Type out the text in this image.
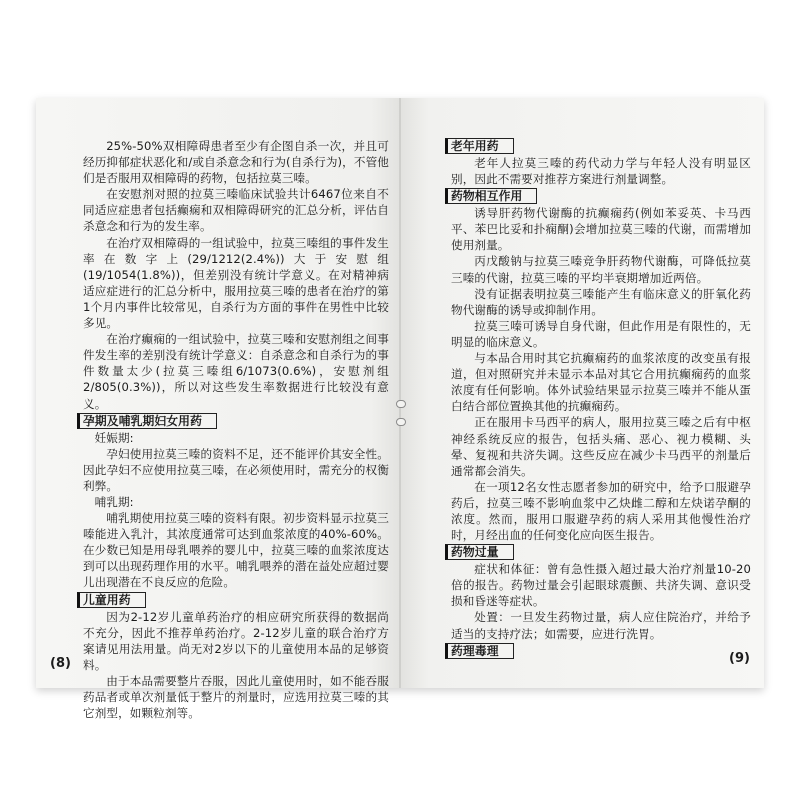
25%-50%双相障碍患者至少有企图自杀一次，并且可经历抑郁症状恶化和/或自杀意念和行为(自杀行为)，不管他们是否服用双相障碍的药物，包括拉莫三嗪。

在安慰剂对照的拉莫三嗪临床试验共计6467位来自不同适应症患者包括癫痫和双相障碍研究的汇总分析，评估自杀意念和行为的发生率。

在治疗双相障碍的一组试验中，拉莫三嗪组的事件发生率在数字上(29/1212(2.4%))大于安慰组(19/1054(1.8%))，但差别没有统计学意义。在对精神病适应症进行的汇总分析中，服用拉莫三嗪的患者在治疗的第1个月内事件比较常见，自杀行为方面的事件在男性中比较多见。

在治疗癫痫的一组试验中，拉莫三嗪和安慰剂组之间事件发生率的差别没有统计学意义：自杀意念和自杀行为的事件数量太少(拉莫三嗪组6/1073(0.6%)，安慰剂组2/805(0.3%))，所以对这些发生率数据进行比较没有意义。

孕期及哺乳期妇女用药

妊娠期:

孕妇使用拉莫三嗪的资料不足，还不能评价其安全性。因此孕妇不应使用拉莫三嗪，在必须使用时，需充分的权衡利弊。

哺乳期:

哺乳期使用拉莫三嗪的资料有限。初步资料显示拉莫三嗪能进入乳汁，其浓度通常可达到血浆浓度的40%-60%。在少数已知是用母乳喂养的婴儿中，拉莫三嗪的血浆浓度达到可以出现药理作用的水平。哺乳喂养的潜在益处应超过婴儿出现潜在不良反应的危险。

儿童用药

因为2-12岁儿童单药治疗的相应研究所获得的数据尚不充分，因此不推荐单药治疗。2-12岁儿童的联合治疗方案请见用法用量。尚无对2岁以下的儿童使用本品的足够资料。

由于本品需要整片吞服，因此儿童使用时，如不能吞服药品者或单次剂量低于整片的剂量时，应选用拉莫三嗪的其它剂型，如颗粒剂等。

(8)
老年用药

老年人拉莫三嗪的药代动力学与年轻人没有明显区别，因此不需要对推荐方案进行剂量调整。

药物相互作用

诱导肝药物代谢酶的抗癫痫药(例如苯妥英、卡马西平、苯巴比妥和扑痫酮)会增加拉莫三嗪的代谢，而需增加使用剂量。

丙戊酸钠与拉莫三嗪竞争肝药物代谢酶，可降低拉莫三嗪的代谢，拉莫三嗪的平均半衰期增加近两倍。

没有证据表明拉莫三嗪能产生有临床意义的肝氧化药物代谢酶的诱导或抑制作用。

拉莫三嗪可诱导自身代谢，但此作用是有限性的，无明显的临床意义。

与本品合用时其它抗癫痫药的血浆浓度的改变虽有报道，但对照研究并未显示本品对其它合用抗癫痫药的血浆浓度有任何影响。体外试验结果显示拉莫三嗪并不能从蛋白结合部位置换其他的抗癫痫药。

正在服用卡马西平的病人，服用拉莫三嗪之后有中枢神经系统反应的报告，包括头痛、恶心、视力模糊、头晕、复视和共济失调。这些反应在减少卡马西平的剂量后通常都会消失。

在一项12名女性志愿者参加的研究中，给予口服避孕药后，拉莫三嗪不影响血浆中乙炔雌二醇和左炔诺孕酮的浓度。然而，服用口服避孕药的病人采用其他慢性治疗时，月经出血的任何变化应向医生报告。

药物过量

症状和体征：曾有急性摄入超过最大治疗剂量10-20倍的报告。药物过量会引起眼球震颤、共济失调、意识受损和昏迷等症状。

处置：一旦发生药物过量，病人应住院治疗，并给予适当的支持疗法；如需要，应进行洗胃。

药理毒理
(9)
